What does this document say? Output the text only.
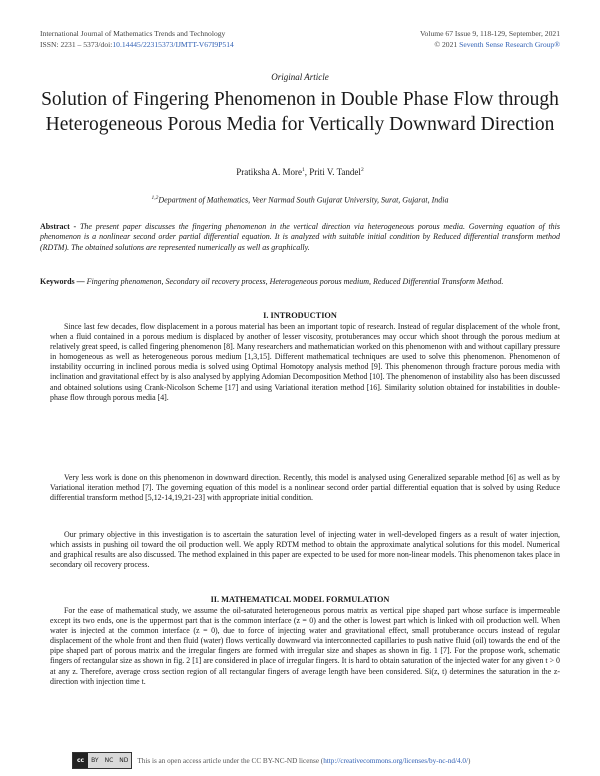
International Journal of Mathematics Trends and Technology
ISSN: 2231 – 5373/doi:10.14445/22315373/IJMTT-V67I9P514
Volume 67 Issue 9, 118-129, September, 2021
© 2021 Seventh Sense Research Group®
Original Article
Solution of Fingering Phenomenon in Double Phase Flow through Heterogeneous Porous Media for Vertically Downward Direction
Pratiksha A. More$^1$, Priti V. Tandel$^2$
$^{1,2}$Department of Mathematics, Veer Narmad South Gujarat University, Surat, Gujarat, India

Abstract - The present paper discusses the fingering phenomenon in the vertical direction via heterogeneous porous media. Governing equation of this phenomenon is a nonlinear second order partial differential equation. It is analyzed with suitable initial condition by Reduced differential transform method (RDTM). The obtained solutions are represented numerically as well as graphically.

Keywords — Fingering phenomenon, Secondary oil recovery process, Heterogeneous porous medium, Reduced Differential Transform Method.

I. INTRODUCTION

Since last few decades, flow displacement in a porous material has been an important topic of research. Instead of regular displacement of the whole front, when a fluid contained in a porous medium is displaced by another of lesser viscosity, protuberances may occur which shoot through the porous medium at relatively great speed, is called fingering phenomenon [8]. Many researchers and mathematician worked on this phenomenon with and without capillary pressure in homogeneous as well as heterogeneous porous medium [1,3,15]. Different mathematical techniques are used to solve this phenomenon. Phenomenon of instability occurring in inclined porous media is solved using Optimal Homotopy analysis method [9]. This phenomenon through fracture porous media with inclination and gravitational effect by is also analysed by applying Adomian Decomposition Method [10]. The phenomenon of instability also has been discussed and obtained solutions using Crank-Nicolson Scheme [17] and using Variational iteration method [16]. Similarity solution obtained for instabilities in double-phase flow through porous media [4].

Very less work is done on this phenomenon in downward direction. Recently, this model is analysed using Generalized separable method [6] as well as by Variational iteration method [7]. The governing equation of this model is a nonlinear second order partial differential equation that is solved by using Reduce differential transform method [5,12-14,19,21-23] with appropriate initial condition.

Our primary objective in this investigation is to ascertain the saturation level of injecting water in well-developed fingers as a result of water injection, which assists in pushing oil toward the oil production well. We apply RDTM method to obtain the approximate analytical solutions for this model. Numerical and graphical results are also discussed. The method explained in this paper are expected to be used for more non-linear models. This phenomenon takes place in secondary oil recovery process.

II. MATHEMATICAL MODEL FORMULATION

For the ease of mathematical study, we assume the oil-saturated heterogeneous porous matrix as vertical pipe shaped part whose surface is impermeable except its two ends, one is the uppermost part that is the common interface (z = 0) and the other is lowest part which is linked with oil production well. When water is injected at the common interface (z = 0), due to force of injecting water and gravitational effect, small protuberance occurs instead of regular displacement of the whole front and then fluid (water) flows vertically downward via interconnected capillaries to push native fluid (oil) towards the end of the pipe shaped part of porous matrix and the irregular fingers are formed with irregular size and shapes as shown in fig. 1 [7]. For the propose work, schematic fingers of rectangular size as shown in fig. 2 [1] are considered in place of irregular fingers. It is hard to obtain saturation of the injected water for any given t > 0 at any z. Therefore, average cross section region of all rectangular fingers of average length have been considered. Si(z, t) determines the saturation in the z-direction with injection time t.

cc	BY	NC	ND	This is an open access article under the CC BY-NC-ND license (http://creativecommons.org/licenses/by-nc-nd/4.0/)
